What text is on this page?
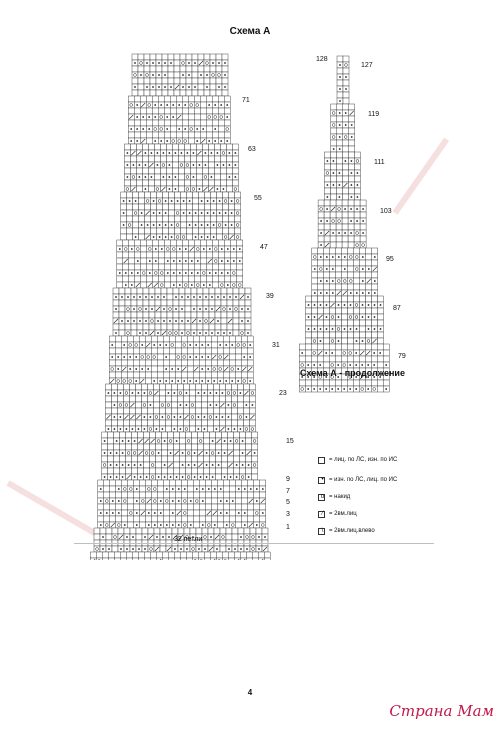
Схема А
1
3
5
7
9
15
23
31
39
47
55
63
71
79
87
95
103
111
119
127
128
Схема А - продолжение
32 петли
= лиц. по ЛС, изн. по ИС
• = изн. по ЛС, лиц. по ИС
o = накид
⁄	= 2вм.лиц
\ = 2вм.лиц.влево
4
Страна Мам
